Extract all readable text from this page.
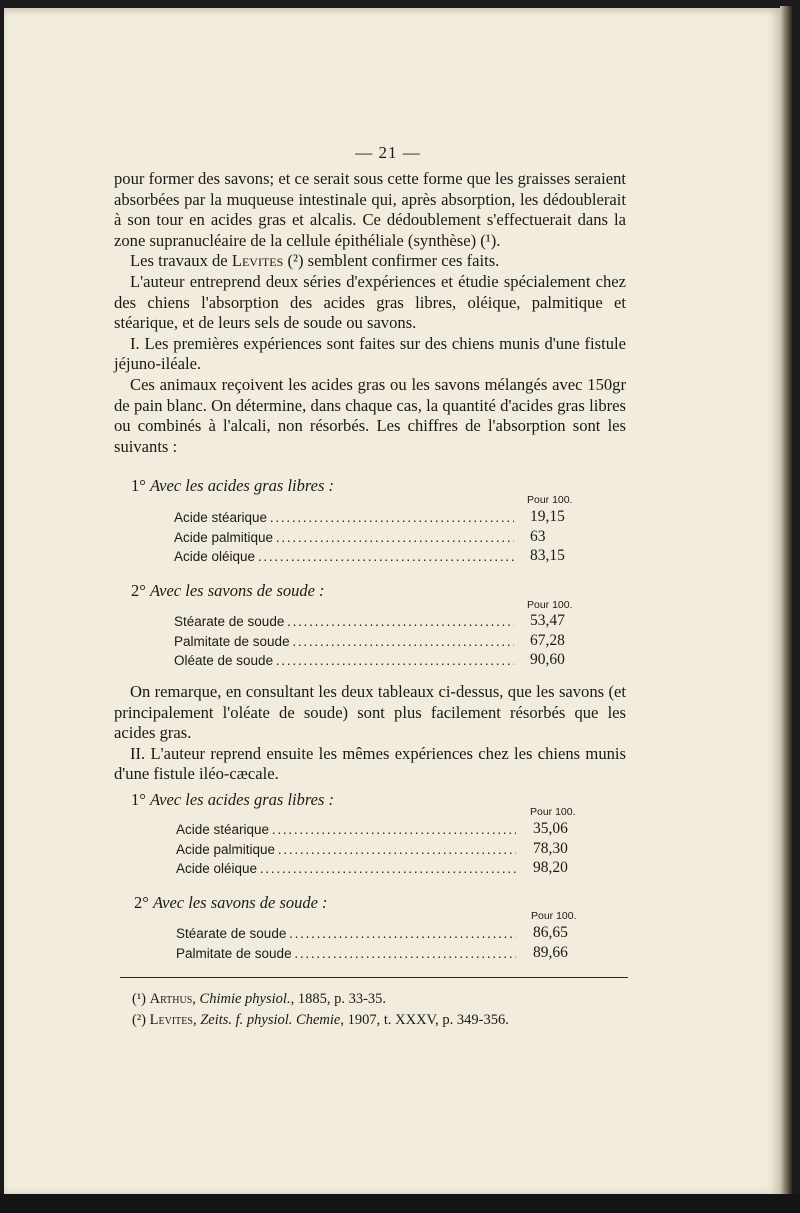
— 21 —

pour former des savons; et ce serait sous cette forme que les graisses seraient absorbées par la muqueuse intestinale qui, après absorption, les dédoublerait à son tour en acides gras et alcalis. Ce dédoublement s'effectuerait dans la zone supranucléaire de la cellule épithéliale (synthèse) (¹).

Les travaux de Levites (²) semblent confirmer ces faits.

L'auteur entreprend deux séries d'expériences et étudie spécialement chez des chiens l'absorption des acides gras libres, oléique, palmitique et stéarique, et de leurs sels de soude ou savons.

I. Les premières expériences sont faites sur des chiens munis d'une fistule jéjuno-iléale.

Ces animaux reçoivent les acides gras ou les savons mélangés avec 150gr de pain blanc. On détermine, dans chaque cas, la quantité d'acides gras libres ou combinés à l'alcali, non résorbés. Les chiffres de l'absorption sont les suivants :

1° Avec les acides gras libres :
Pour 100.
Acide stéarique . . .	19,15
Acide palmitique . . .	63
Acide oléique . . .	83,15
2° Avec les savons de soude :
Pour 100.
Stéarate de soude . . .	53,47
Palmitate de soude . . .	67,28
Oléate de soude . . .	90,60

On remarque, en consultant les deux tableaux ci-dessus, que les savons (et principalement l'oléate de soude) sont plus facilement résorbés que les acides gras.

II. L'auteur reprend ensuite les mêmes expériences chez les chiens munis d'une fistule iléo-cæcale.

1° Avec les acides gras libres :
Pour 100.
Acide stéarique . . .	35,06
Acide palmitique . . .	78,30
Acide oléique . . .	98,20
2° Avec les savons de soude :
Pour 100.
Stéarate de soude . . .	86,65
Palmitate de soude . . .	89,66
(¹) Arthus, Chimie physiol., 1885, p. 33-35.
(²) Levites, Zeits. f. physiol. Chemie, 1907, t. XXXV, p. 349-356.
